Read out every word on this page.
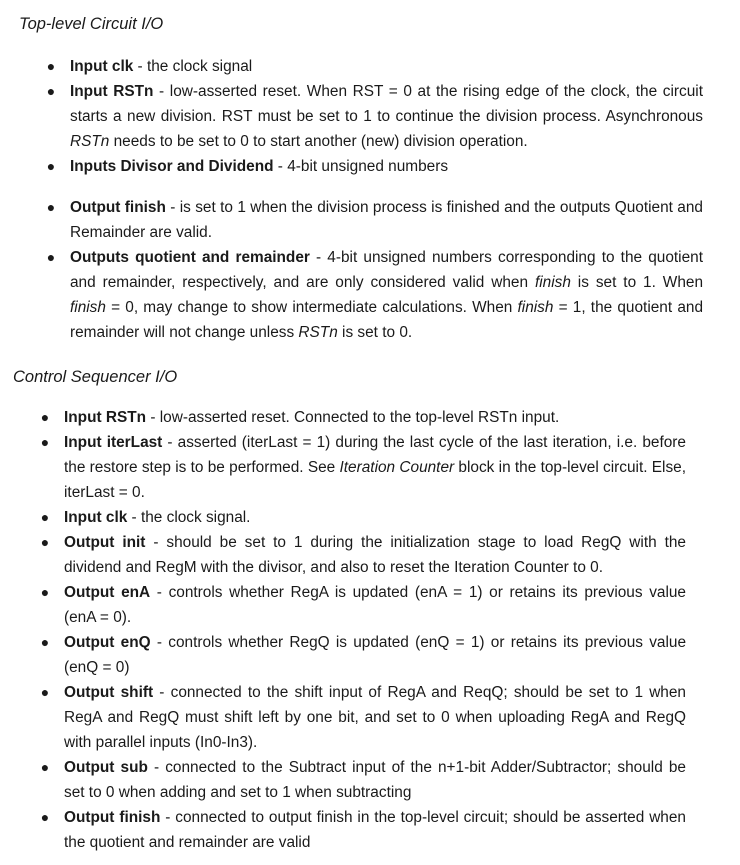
Top-level Circuit I/O
● Input clk - the clock signal
● Input RSTn - low-asserted reset. When RST = 0 at the rising edge of the clock, the circuit starts a new division. RST must be set to 1 to continue the division process. Asynchronous RSTn needs to be set to 0 to start another (new) division operation.
● Inputs Divisor and Dividend - 4-bit unsigned numbers
● Output finish - is set to 1 when the division process is finished and the outputs Quotient and Remainder are valid.
● Outputs quotient and remainder - 4-bit unsigned numbers corresponding to the quotient and remainder, respectively, and are only considered valid when finish is set to 1. When finish = 0, may change to show intermediate calculations. When finish = 1, the quotient and remainder will not change unless RSTn is set to 0.
Control Sequencer I/O
● Input RSTn - low-asserted reset. Connected to the top-level RSTn input.
● Input iterLast - asserted (iterLast = 1) during the last cycle of the last iteration, i.e. before the restore step is to be performed. See Iteration Counter block in the top-level circuit. Else, iterLast = 0.
● Input clk - the clock signal.
● Output init - should be set to 1 during the initialization stage to load RegQ with the dividend and RegM with the divisor, and also to reset the Iteration Counter to 0.
● Output enA - controls whether RegA is updated (enA = 1) or retains its previous value (enA = 0).
● Output enQ - controls whether RegQ is updated (enQ = 1) or retains its previous value (enQ = 0)
● Output shift - connected to the shift input of RegA and ReqQ; should be set to 1 when RegA and RegQ must shift left by one bit, and set to 0 when uploading RegA and RegQ with parallel inputs (In0-In3).
● Output sub - connected to the Subtract input of the n+1-bit Adder/Subtractor; should be set to 0 when adding and set to 1 when subtracting
● Output finish - connected to output finish in the top-level circuit; should be asserted when the quotient and remainder are valid
